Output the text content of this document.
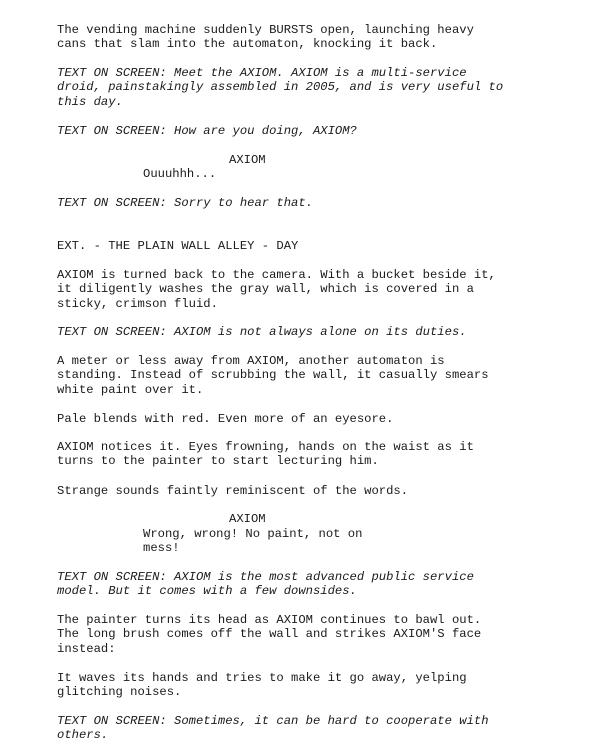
The vending machine suddenly BURSTS open, launching heavy
cans that slam into the automaton, knocking it back.

TEXT ON SCREEN: Meet the AXIOM. AXIOM is a multi-service
droid, painstakingly assembled in 2005, and is very useful to
this day.

TEXT ON SCREEN: How are you doing, AXIOM?

AXIOM

Ouuuhhh...

TEXT ON SCREEN: Sorry to hear that.

EXT. - THE PLAIN WALL ALLEY - DAY

AXIOM is turned back to the camera. With a bucket beside it,
it diligently washes the gray wall, which is covered in a
sticky, crimson fluid.

TEXT ON SCREEN: AXIOM is not always alone on its duties.

A meter or less away from AXIOM, another automaton is
standing. Instead of scrubbing the wall, it casually smears
white paint over it.

Pale blends with red. Even more of an eyesore.

AXIOM notices it. Eyes frowning, hands on the waist as it
turns to the painter to start lecturing him.

Strange sounds faintly reminiscent of the words.

AXIOM

Wrong, wrong! No paint, not on
mess!

TEXT ON SCREEN: AXIOM is the most advanced public service
model. But it comes with a few downsides.

The painter turns its head as AXIOM continues to bawl out.
The long brush comes off the wall and strikes AXIOM'S face
instead:

It waves its hands and tries to make it go away, yelping
glitching noises.

TEXT ON SCREEN: Sometimes, it can be hard to cooperate with
others.
